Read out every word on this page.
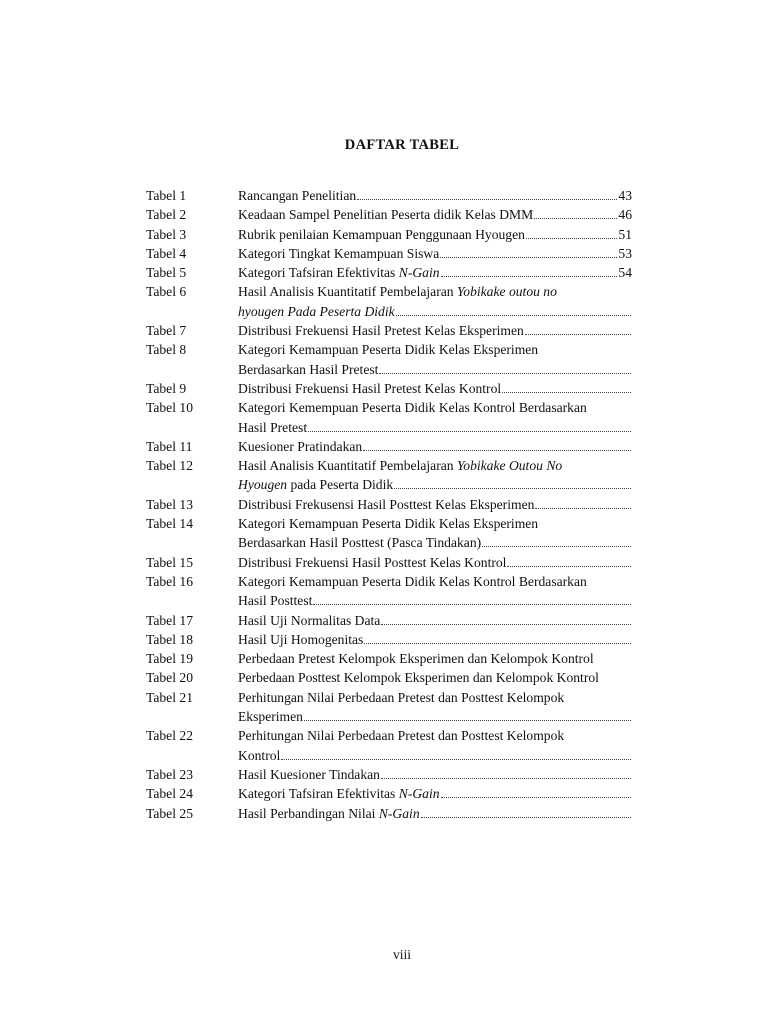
DAFTAR TABEL
Tabel 1	Rancangan Penelitian	43
Tabel 2	Keadaan Sampel Penelitian Peserta didik Kelas DMM	46
Tabel 3	Rubrik penilaian Kemampuan Penggunaan Hyougen	51
Tabel 4	Kategori Tingkat Kemampuan Siswa	53
Tabel 5	Kategori Tafsiran Efektivitas N-Gain	54
Tabel 6	Hasil Analisis Kuantitatif Pembelajaran Yobikake outou no
hyougen Pada Peserta Didik
Tabel 7	Distribusi Frekuensi Hasil Pretest Kelas Eksperimen
Tabel 8	Kategori Kemampuan Peserta Didik Kelas Eksperimen
Berdasarkan Hasil Pretest
Tabel 9	Distribusi Frekuensi Hasil Pretest Kelas Kontrol
Tabel 10	Kategori Kemempuan Peserta Didik Kelas Kontrol Berdasarkan
Hasil Pretest
Tabel 11	Kuesioner Pratindakan
Tabel 12	Hasil Analisis Kuantitatif Pembelajaran Yobikake Outou No
Hyougen pada Peserta Didik
Tabel 13	Distribusi Frekusensi Hasil Posttest Kelas Eksperimen
Tabel 14	Kategori Kemampuan Peserta Didik Kelas Eksperimen
Berdasarkan Hasil Posttest (Pasca Tindakan)
Tabel 15	Distribusi Frekuensi Hasil Posttest Kelas Kontrol
Tabel 16	Kategori Kemampuan Peserta Didik Kelas Kontrol Berdasarkan
Hasil Posttest
Tabel 17	Hasil Uji Normalitas Data
Tabel 18	Hasil Uji Homogenitas
Tabel 19	Perbedaan Pretest Kelompok Eksperimen dan Kelompok Kontrol
Tabel 20	Perbedaan Posttest Kelompok Eksperimen dan Kelompok Kontrol
Tabel 21	Perhitungan Nilai Perbedaan Pretest dan Posttest Kelompok
Eksperimen
Tabel 22	Perhitungan Nilai Perbedaan Pretest dan Posttest Kelompok
Kontrol
Tabel 23	Hasil Kuesioner Tindakan
Tabel 24	Kategori Tafsiran Efektivitas N-Gain
Tabel 25	Hasil Perbandingan Nilai N-Gain
viii
